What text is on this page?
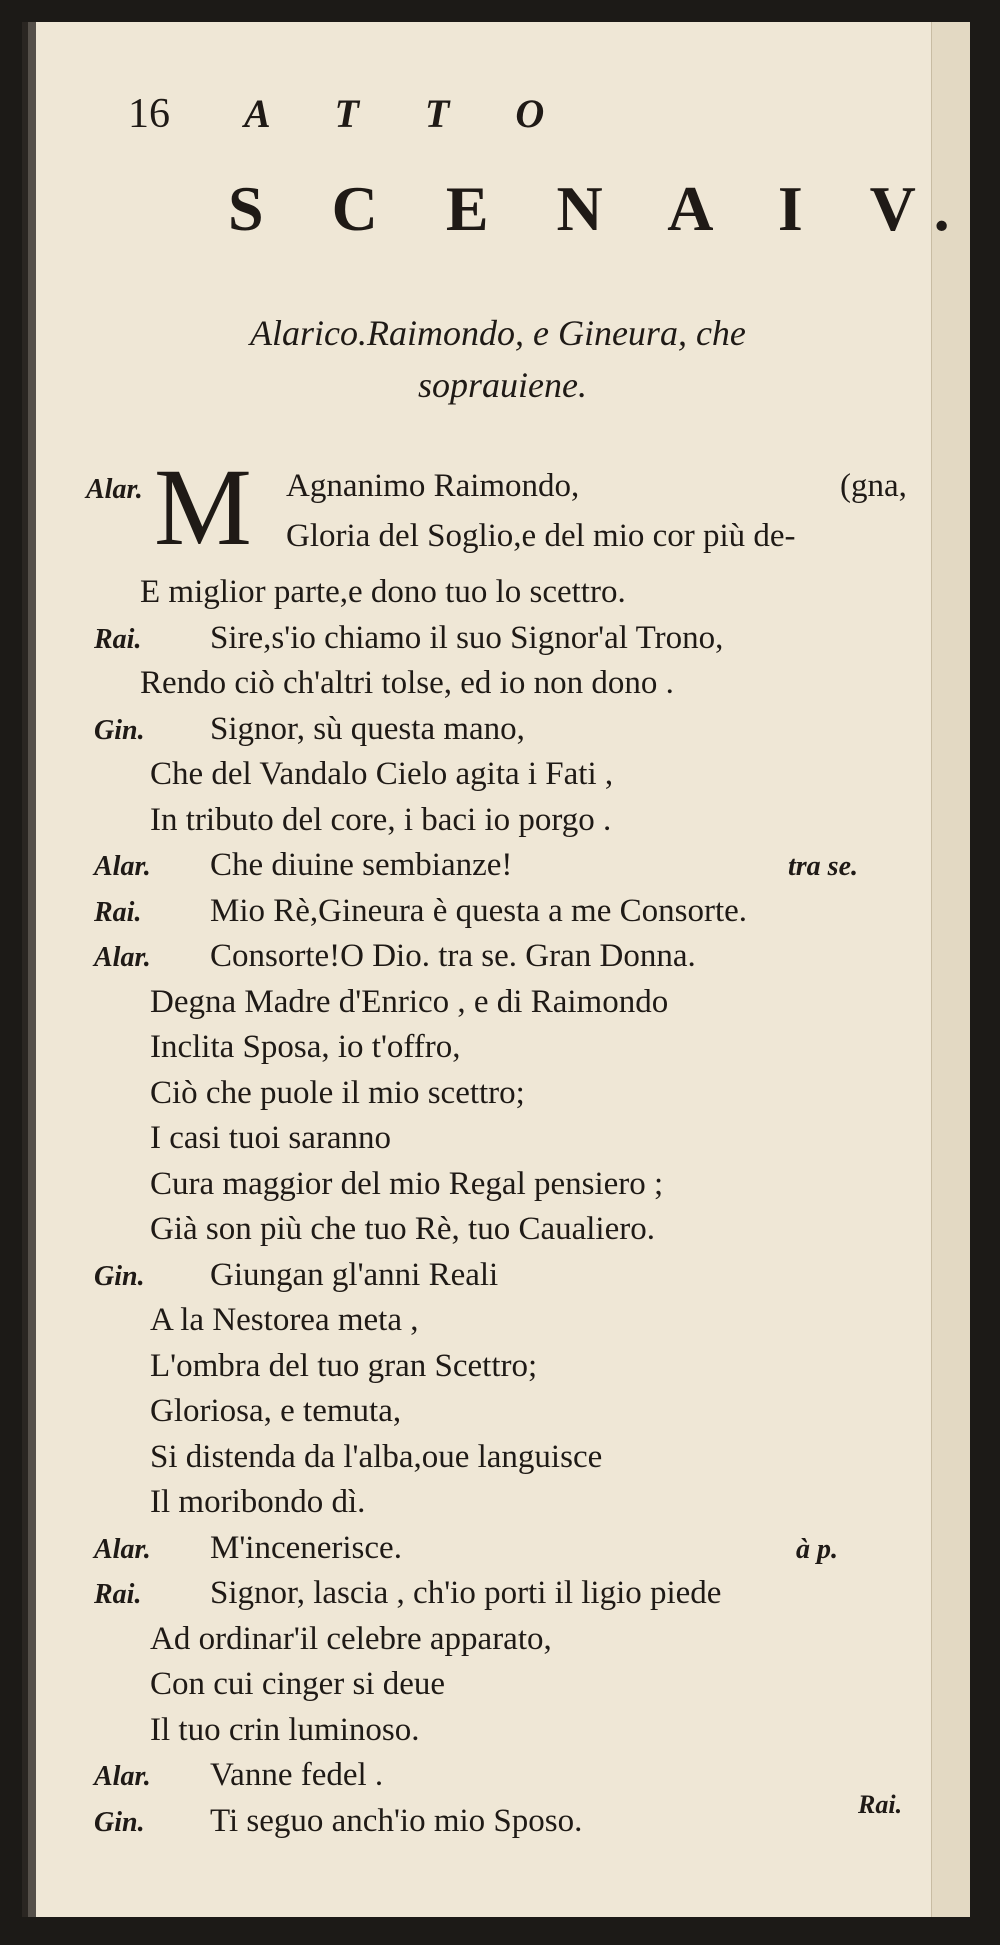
16 A T T O
S C E N A I V.
Alarico.Raimondo, e Gineura, che
soprauiene.
Alar. M Agnanimo Raimondo,	(gna,
Gloria del Soglio,e del mio cor più de-
E miglior parte,e dono tuo lo scettro.
Rai. Sire,s'io chiamo il suo Signor'al Trono,
Rendo ciò ch'altri tolse, ed io non dono .
Gin. Signor, sù questa mano,
Che del Vandalo Cielo agita i Fati ,
In tributo del core, i baci io porgo .
Alar. Che diuine sembianze!	tra se.
Rai. Mio Rè,Gineura è questa a me Consorte.
Alar. Consorte!O Dio. tra se. Gran Donna.
Degna Madre d'Enrico , e di Raimondo
Inclita Sposa, io t'offro,
Ciò che puole il mio scettro;
I casi tuoi saranno
Cura maggior del mio Regal pensiero ;
Già son più che tuo Rè, tuo Caualiero.
Gin. Giungan gl'anni Reali
A la Nestorea meta ,
L'ombra del tuo gran Scettro;
Gloriosa, e temuta,
Si distenda da l'alba,oue languisce
Il moribondo dì.
Alar. M'incenerisce.	à p.
Rai. Signor, lascia , ch'io porti il ligio piede
Ad ordinar'il celebre apparato,
Con cui cinger si deue
Il tuo crin luminoso.
Alar. Vanne fedel .
Gin. Ti seguo anch'io mio Sposo.	Rai.
